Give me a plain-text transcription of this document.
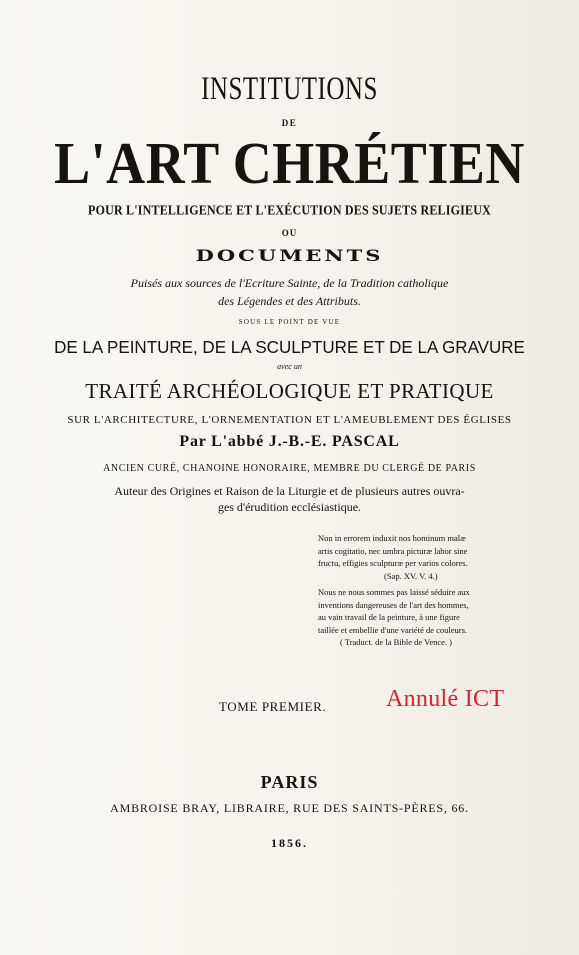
INSTITUTIONS
DE
L'ART CHRÉTIEN
POUR L'INTELLIGENCE ET L'EXÉCUTION DES SUJETS RELIGIEUX
OU
DOCUMENTS
Puisés aux sources de l'Ecriture Sainte, de la Tradition catholique
des Légendes et des Attributs.
SOUS LE POINT DE VUE
DE LA PEINTURE, DE LA SCULPTURE ET DE LA GRAVURE
avec un
TRAITÉ ARCHÉOLOGIQUE ET PRATIQUE
SUR L'ARCHITECTURE, L'ORNEMENTATION ET L'AMEUBLEMENT DES ÉGLISES
Par L'abbé J.-B.-E. PASCAL
ANCIEN CURÉ, CHANOINE HONORAIRE, MEMBRE DU CLERGÉ DE PARIS
Auteur des Origines et Raison de la Liturgie et de plusieurs autres ouvra-
ges d'érudition ecclésiastique.
Non in errorem induxit nos hominum malæ
artis cogitatio, nec umbra picturæ labor sine
fructu, effigies sculpturæ per varios colores.
(Sap. XV. V. 4.)
Nous ne nous sommes pas laissé séduire aux
inventions dangereuses de l'art des hommes,
au vain travail de la peinture, à une figure
taillée et embellie d'une variété de couleurs.
( Traduct. de la Bible de Vence. )
TOME PREMIER. Annulé ICT
PARIS
AMBROISE BRAY, LIBRAIRE, RUE DES SAINTS-PÈRES, 66.
1856.
